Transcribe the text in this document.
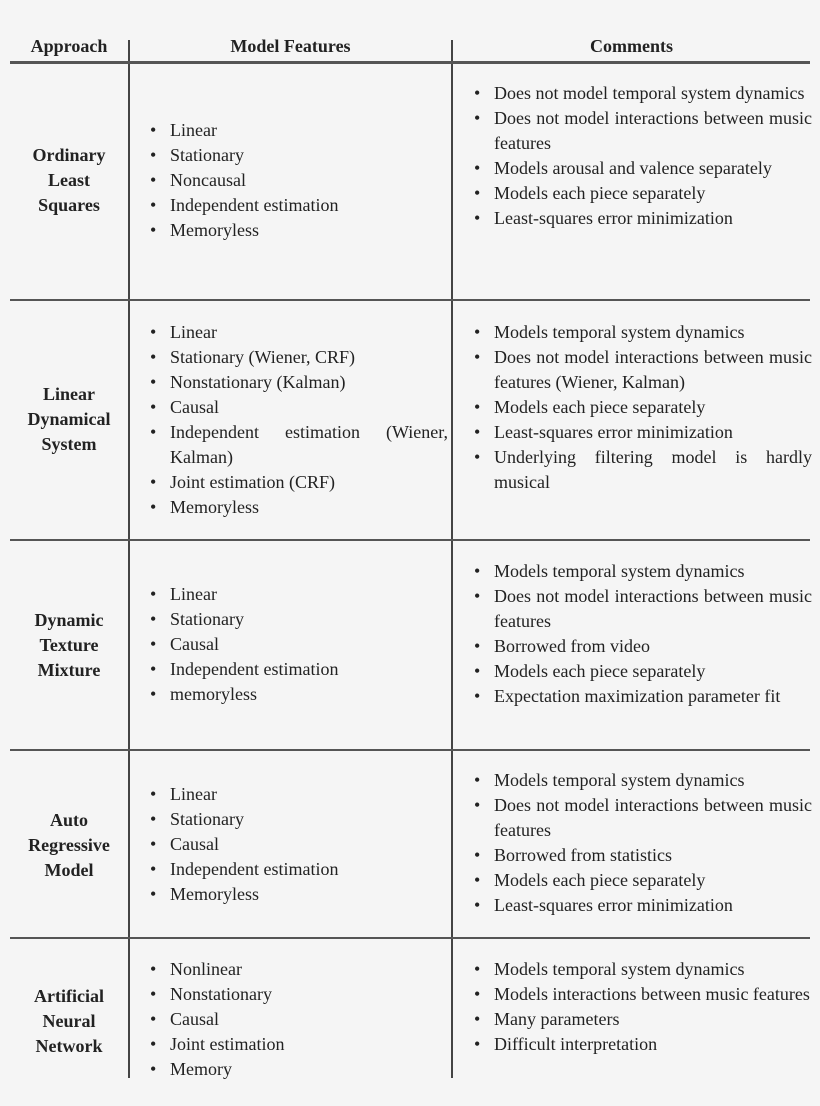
Approach	Model Features	Comments
Ordinary
Least
Squares
• Linear
• Stationary
• Noncausal
• Independent estimation
• Memoryless
• Does not model temporal system dynamics
• Does not model interactions between music features
• Models arousal and valence separately
• Models each piece separately
• Least-squares error minimization
Linear
Dynamical
System
• Linear
• Stationary (Wiener, CRF)
• Nonstationary (Kalman)
• Causal
• Independent estimation (Wiener, Kalman)
• Joint estimation (CRF)
• Memoryless
• Models temporal system dynamics
• Does not model interactions between music features (Wiener, Kalman)
• Models each piece separately
• Least-squares error minimization
• Underlying filtering model is hardly musical
Dynamic
Texture
Mixture
• Linear
• Stationary
• Causal
• Independent estimation
• memoryless
• Models temporal system dynamics
• Does not model interactions between music features
• Borrowed from video
• Models each piece separately
• Expectation maximization parameter fit
Auto
Regressive
Model
• Linear
• Stationary
• Causal
• Independent estimation
• Memoryless
• Models temporal system dynamics
• Does not model interactions between music features
• Borrowed from statistics
• Models each piece separately
• Least-squares error minimization
Artificial
Neural
Network
• Nonlinear
• Nonstationary
• Causal
• Joint estimation
• Memory
• Models temporal system dynamics
• Models interactions between music features
• Many parameters
• Difficult interpretation
